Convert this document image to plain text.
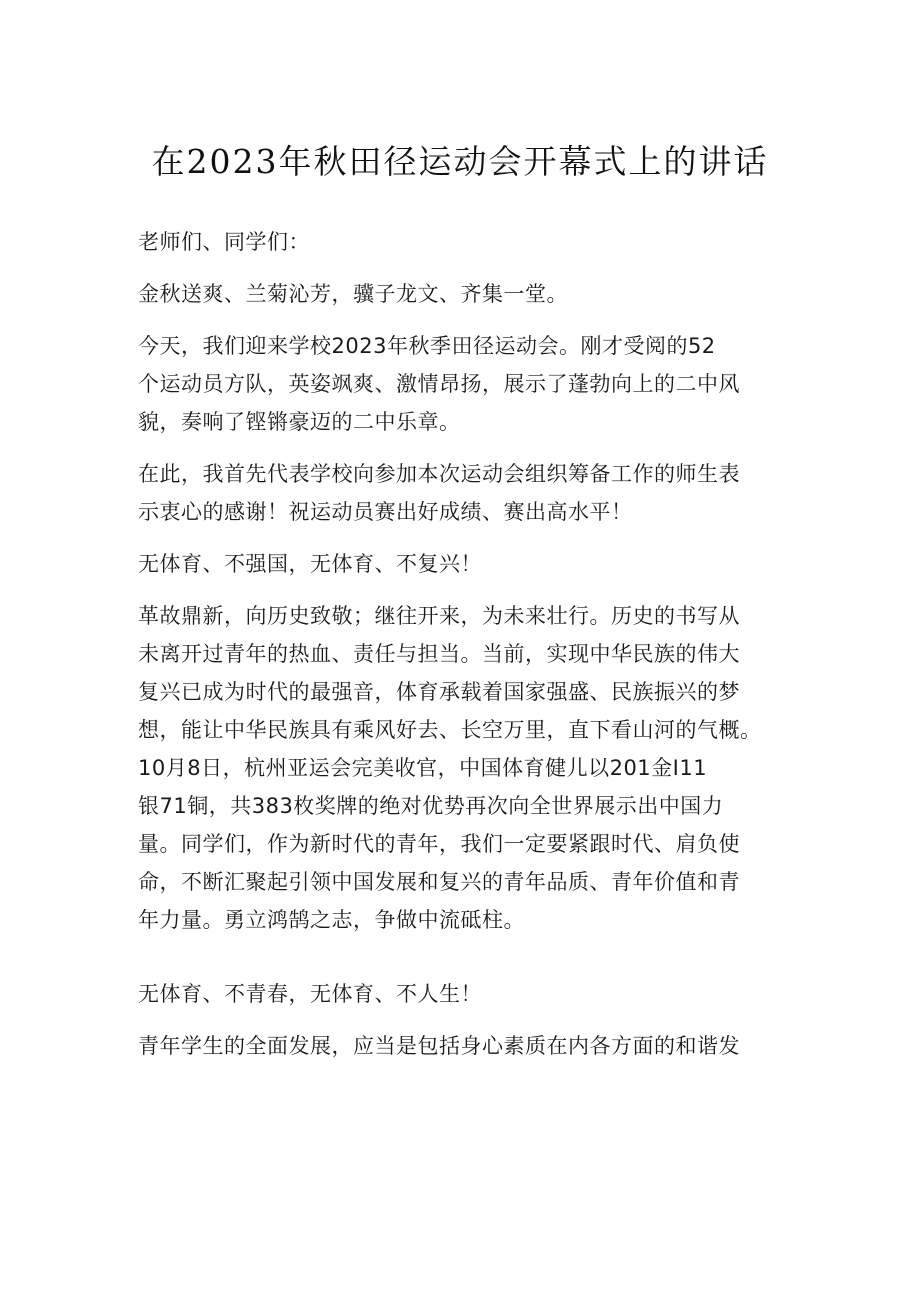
在2023年秋田径运动会开幕式上的讲话
老师们、同学们：
金秋送爽、兰菊沁芳，骥子龙文、齐集一堂。
今天，我们迎来学校2023年秋季田径运动会。刚才受阅的52
个运动员方队，英姿飒爽、激情昂扬，展示了蓬勃向上的二中风
貌，奏响了铿锵豪迈的二中乐章。
在此，我首先代表学校向参加本次运动会组织筹备工作的师生表
示衷心的感谢！祝运动员赛出好成绩、赛出高水平！
无体育、不强国，无体育、不复兴！
革故鼎新，向历史致敬；继往开来，为未来壮行。历史的书写从
未离开过青年的热血、责任与担当。当前，实现中华民族的伟大
复兴已成为时代的最强音，体育承载着国家强盛、民族振兴的梦
想，能让中华民族具有乘风好去、长空万里，直下看山河的气概。
10月8日，杭州亚运会完美收官，中国体育健儿以201金I11
银71铜，共383枚奖牌的绝对优势再次向全世界展示出中国力
量。同学们，作为新时代的青年，我们一定要紧跟时代、肩负使
命，不断汇聚起引领中国发展和复兴的青年品质、青年价值和青
年力量。勇立鸿鹄之志，争做中流砥柱。
无体育、不青春，无体育、不人生！
青年学生的全面发展，应当是包括身心素质在内各方面的和谐发
